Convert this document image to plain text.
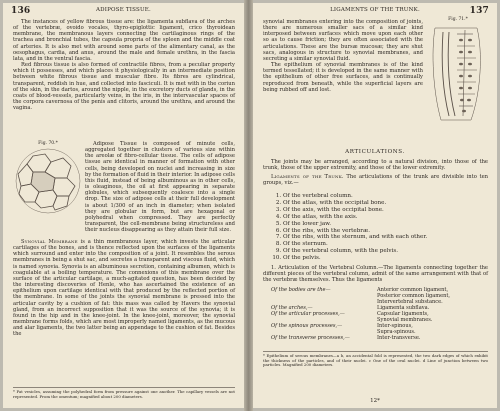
136	ADIPOSE TISSUE.

The instances of yellow fibrous tissue are: the ligamenta subflava of the arches of the vertebræ, ovoido vocales, thyro-epiglottic ligament, crico thyroidean membrane, the membranous layers connecting the cartilaginous rings of the trachea and bronchial tubes, the capsula propria of the spleen and the middle coat of arteries. It is also met with around some parts of the alimentary canal, as the oesophagus, cardia, and anus, around the male and female urethra, in the fascia lata, and in the ventral fascia.

Red fibrous tissue is also formed of contractile fibres, from a peculiar property which it possesses, and which places it physiologically in an intermediate position between white fibrous tissue and muscular fibre. Its fibres are cylindrical, transparent, reddish in hue, and collected into fasciculi. It is met with in the coriun of the skin, in the dartos, around the nipple, in the excretory ducts of glands, in the coats of blood-vessels, particularly veins, in the iris, in the intervascular spaces of the corpora cavernosa of the penis and clitoris, around the urethra, and around the vagina.

Fig. 70.*	Adipose Tissue is composed of minute cells, aggregated together in clusters of various size within the areolæ of fibro-cellular tissue. The cells of adipose tissue are identical in manner of formation with other cells, being developed on nuclei and increasing in size by the formation of fluid in their interior. In adipose cells this fluid, instead of being albuminous as in other cells, is oleaginous, the oil at first appearing in separate globules, which subsequently coalesce into a single drop. The size of adipose cells at their full development is about 1/300 of an inch in diameter; when isolated they are globular in form, but are hexagonal or polyhedral when compressed. They are perfectly transparent, the cell-membrane being structureless and their nucleus disappearing as they attain their full size.

Synovial Membrane is a thin membranous layer, which invests the articular cartilages of the bones, and is thence reflected upon the surfaces of the ligaments which surround and enter into the composition of a joint. It resembles the serous membranes in being a shut sac, and secretes a transparent and viscous fluid, which is named synovia. Synovia is an albuminous secretion, containing albumen, which is coagulable at a boiling temperature. The connexions of this membrane over the surface of the articular cartilage, a much-agitated question, has been decided by the interesting discoveries of Henle, who has ascertained the existence of an epithelium upon cartilage identical with that produced by the reflected portion of the membrane. In some of the joints the synovial membrane is pressed into the articular cavity by a cushion of fat: this mass was called by Havers the synovial gland, from an incorrect supposition that it was the source of the synovia; it is found in the hip and in the knee-joint. In the knee-joint, moreover, the synovial membrane forms folds, which are most improperly named ligaments, as the mucous and alar ligaments, the two latter being an appendage to the cushion of fat. Besides the

* Fat vesicles, assuming the polyhedral form from pressure against one another. The capillary vessels are not represented. From the omentum; magnified about 200 diameters.
LIGAMENTS OF THE TRUNK.	137

synovial membranes entering into the composition of joints, there are numerous smaller sacs of a similar kind interposed between surfaces which move upon each other so as to cause friction; they are often associated with the articulations. These are the bursæ mucosæ; they are shut sacs, analogous in structure to synovial membranes, and secreting a similar synovial fluid.

The epithelium of synovial membranes is of the kind termed tessellated; it is developed in the same manner with the epithelium of other free surfaces, and is continually reproduced from beneath, while the superficial layers are being rubbed off and lost.

Fig. 71.*
ARTICULATIONS.

The joints may be arranged, according to a natural division, into those of the trunk, those of the upper extremity, and those of the lower extremity.

Ligaments of the Trunk. The articulations of the trunk are divisible into ten groups, viz.—

1. Of the vertebral column.
2. Of the atlas, with the occipital bone.
3. Of the axis, with the occipital bone.
4. Of the atlas, with the axis.
5. Of the lower jaw.
6. Of the ribs, with the vertebræ.
7. Of the ribs, with the sternum, and with each other.
8. Of the sternum.
9. Of the vertebral column, with the pelvis.
10. Of the pelvis.

1. Articulation of the Vertebral Column.—The ligaments connecting together the different pieces of the vertebral column, admit of the same arrangement with that of the vertebræ themselves. Thus the ligaments

Of the bodies are the—	Anterior common ligament,
Posterior common ligament,
Intervertebral substance.
Of the arches,—	Ligamenta subflava.
Of the articular processes,—	Capsular ligaments,
Synovial membranes.
Of the spinous processes,—	Inter-spinous,
Supra-spinous.
Of the transverse processes,—	Inter-transverse.
* Epithelium of serous membranes—a b, an accidental fold is represented, the two dark edges of which exhibit the thickness of the particles, and of their nuclei. c One of the oval nuclei. d Line of junction between two particles. Magnified 200 diameters.
12*
